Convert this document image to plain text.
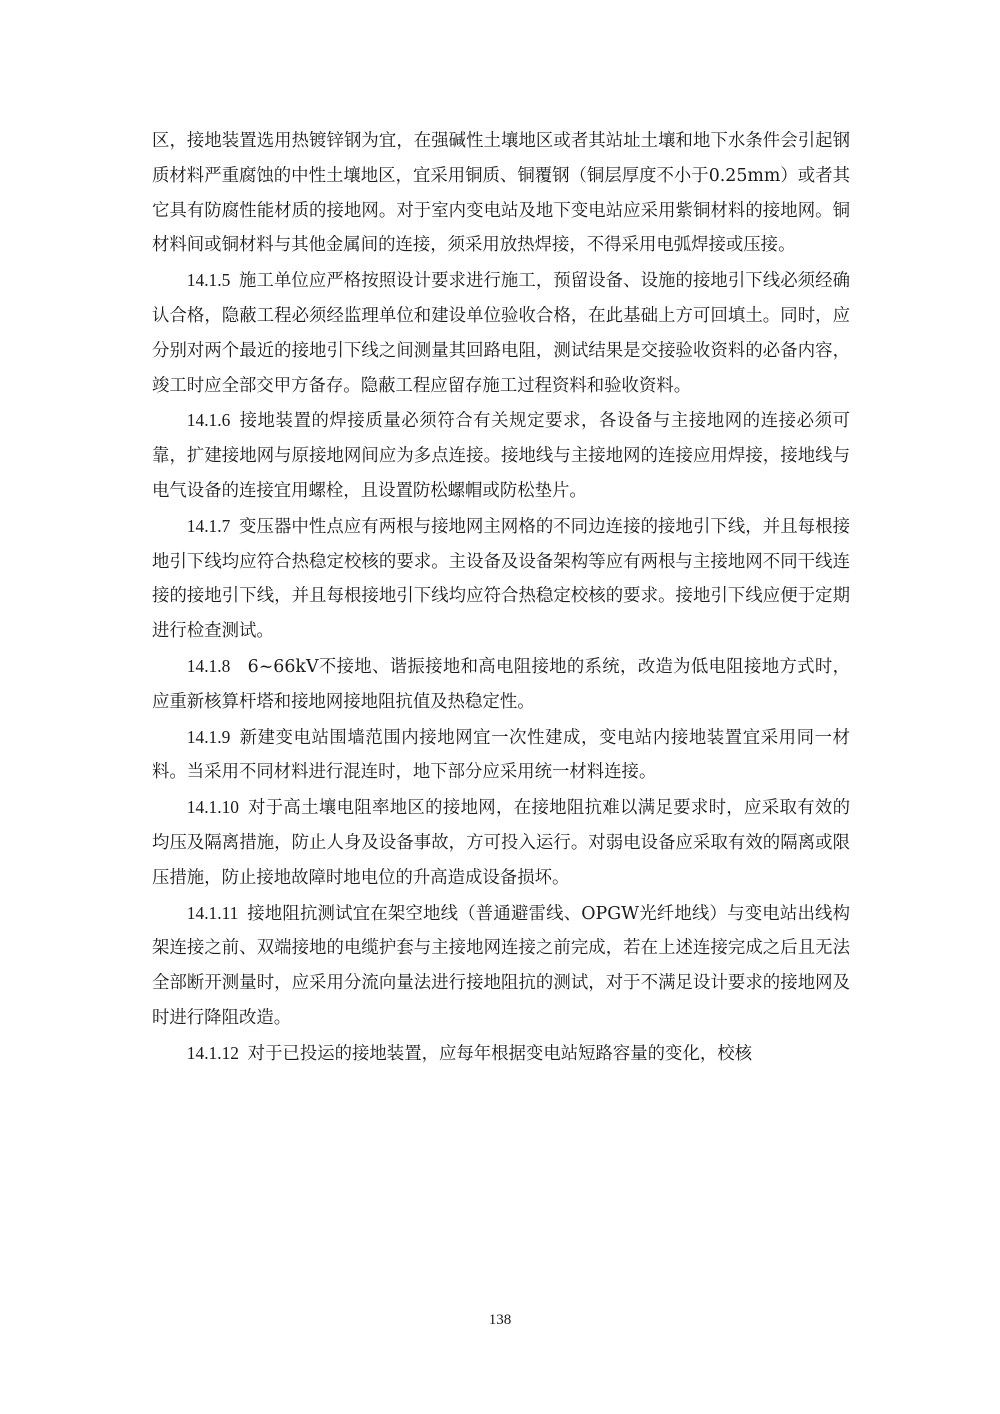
区，接地装置选用热镀锌钢为宜，在强碱性土壤地区或者其站址土壤和地下水条件会引起钢质材料严重腐蚀的中性土壤地区，宜采用铜质、铜覆钢（铜层厚度不小于0.25mm）或者其它具有防腐性能材质的接地网。对于室内变电站及地下变电站应采用紫铜材料的接地网。铜材料间或铜材料与其他金属间的连接，须采用放热焊接，不得采用电弧焊接或压接。

14.1.5  施工单位应严格按照设计要求进行施工，预留设备、设施的接地引下线必须经确认合格，隐蔽工程必须经监理单位和建设单位验收合格，在此基础上方可回填土。同时，应分别对两个最近的接地引下线之间测量其回路电阻，测试结果是交接验收资料的必备内容，竣工时应全部交甲方备存。隐蔽工程应留存施工过程资料和验收资料。

14.1.6  接地装置的焊接质量必须符合有关规定要求，各设备与主接地网的连接必须可靠，扩建接地网与原接地网间应为多点连接。接地线与主接地网的连接应用焊接，接地线与电气设备的连接宜用螺栓，且设置防松螺帽或防松垫片。

14.1.7  变压器中性点应有两根与接地网主网格的不同边连接的接地引下线，并且每根接地引下线均应符合热稳定校核的要求。主设备及设备架构等应有两根与主接地网不同干线连接的接地引下线，并且每根接地引下线均应符合热稳定校核的要求。接地引下线应便于定期进行检查测试。

14.1.8   6~66kV不接地、谐振接地和高电阻接地的系统，改造为低电阻接地方式时，应重新核算杆塔和接地网接地阻抗值及热稳定性。

14.1.9  新建变电站围墙范围内接地网宜一次性建成，变电站内接地装置宜采用同一材料。当采用不同材料进行混连时，地下部分应采用统一材料连接。

14.1.10  对于高土壤电阻率地区的接地网，在接地阻抗难以满足要求时，应采取有效的均压及隔离措施，防止人身及设备事故，方可投入运行。对弱电设备应采取有效的隔离或限压措施，防止接地故障时地电位的升高造成设备损坏。

14.1.11  接地阻抗测试宜在架空地线（普通避雷线、OPGW光纤地线）与变电站出线构架连接之前、双端接地的电缆护套与主接地网连接之前完成，若在上述连接完成之后且无法全部断开测量时，应采用分流向量法进行接地阻抗的测试，对于不满足设计要求的接地网及时进行降阻改造。

14.1.12  对于已投运的接地装置，应每年根据变电站短路容量的变化，校核

138
